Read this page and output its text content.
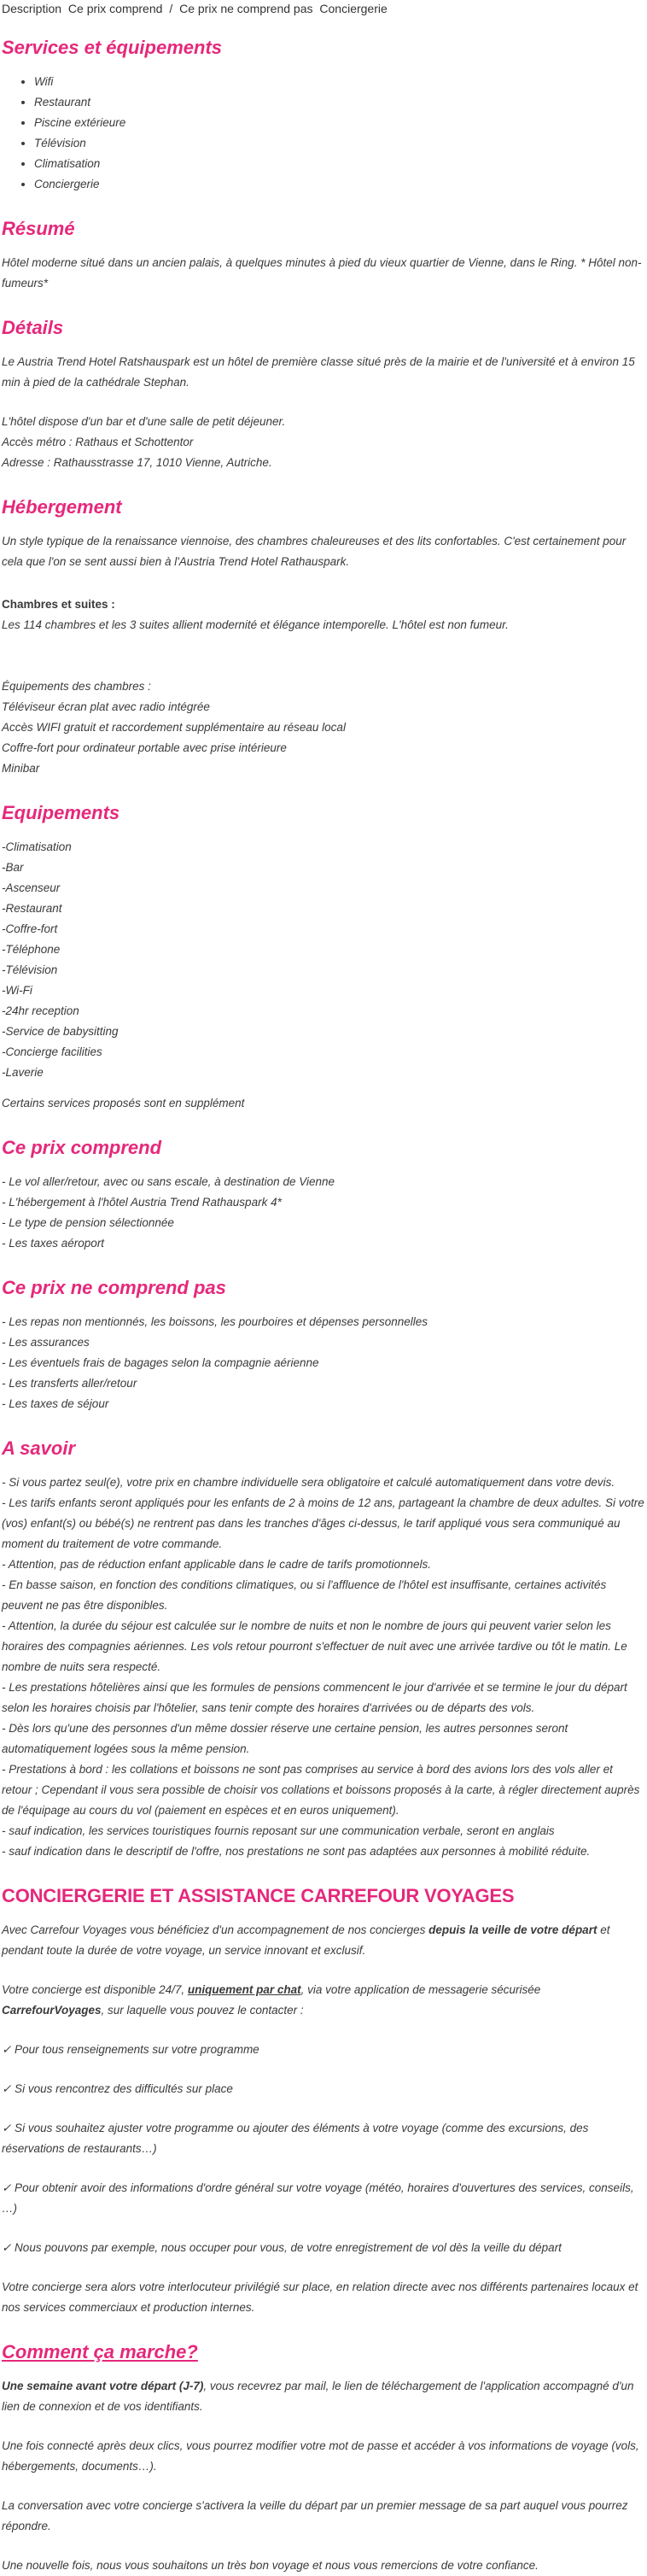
Description Ce prix comprend / Ce prix ne comprend pas Conciergerie
Services et équipements
• Wifi
• Restaurant
• Piscine extérieure
• Télévision
• Climatisation
• Conciergerie
Résumé

Hôtel moderne situé dans un ancien palais, à quelques minutes à pied du vieux quartier de Vienne, dans le Ring. * Hôtel non-fumeurs*

Détails

Le Austria Trend Hotel Ratshauspark est un hôtel de première classe situé près de la mairie et de l'université et à environ 15 min à pied de la cathédrale Stephan.

L'hôtel dispose d'un bar et d'une salle de petit déjeuner.

Accès métro : Rathaus et Schottentor

Adresse : Rathausstrasse 17, 1010 Vienne, Autriche.

Hébergement

Un style typique de la renaissance viennoise, des chambres chaleureuses et des lits confortables. C'est certainement pour cela que l'on se sent aussi bien à l'Austria Trend Hotel Rathauspark.

Chambres et suites :

Les 114 chambres et les 3 suites allient modernité et élégance intemporelle. L'hôtel est non fumeur.

Équipements des chambres :

Téléviseur écran plat avec radio intégrée

Accès WIFI gratuit et raccordement supplémentaire au réseau local

Coffre-fort pour ordinateur portable avec prise intérieure

Minibar

Equipements

-Climatisation

-Bar

-Ascenseur

-Restaurant

-Coffre-fort

-Téléphone

-Télévision

-Wi-Fi

-24hr reception

-Service de babysitting

-Concierge facilities

-Laverie

Certains services proposés sont en supplément

Ce prix comprend

- Le vol aller/retour, avec ou sans escale, à destination de Vienne

- L'hébergement à l'hôtel Austria Trend Rathauspark 4*

- Le type de pension sélectionnée

- Les taxes aéroport

Ce prix ne comprend pas

- Les repas non mentionnés, les boissons, les pourboires et dépenses personnelles

- Les assurances

- Les éventuels frais de bagages selon la compagnie aérienne

- Les transferts aller/retour

- Les taxes de séjour

A savoir

- Si vous partez seul(e), votre prix en chambre individuelle sera obligatoire et calculé automatiquement dans votre devis.

- Les tarifs enfants seront appliqués pour les enfants de 2 à moins de 12 ans, partageant la chambre de deux adultes. Si votre (vos) enfant(s) ou bébé(s) ne rentrent pas dans les tranches d'âges ci-dessus, le tarif appliqué vous sera communiqué au moment du traitement de votre commande.

- Attention, pas de réduction enfant applicable dans le cadre de tarifs promotionnels.

- En basse saison, en fonction des conditions climatiques, ou si l'affluence de l'hôtel est insuffisante, certaines activités peuvent ne pas être disponibles.

- Attention, la durée du séjour est calculée sur le nombre de nuits et non le nombre de jours qui peuvent varier selon les horaires des compagnies aériennes. Les vols retour pourront s'effectuer de nuit avec une arrivée tardive ou tôt le matin. Le nombre de nuits sera respecté.

- Les prestations hôtelières ainsi que les formules de pensions commencent le jour d'arrivée et se termine le jour du départ selon les horaires choisis par l'hôtelier, sans tenir compte des horaires d'arrivées ou de départs des vols.

- Dès lors qu'une des personnes d'un même dossier réserve une certaine pension, les autres personnes seront automatiquement logées sous la même pension.

- Prestations à bord : les collations et boissons ne sont pas comprises au service à bord des avions lors des vols aller et retour ; Cependant il vous sera possible de choisir vos collations et boissons proposés à la carte, à régler directement auprès de l'équipage au cours du vol (paiement en espèces et en euros uniquement).

- sauf indication, les services touristiques fournis reposant sur une communication verbale, seront en anglais

- sauf indication dans le descriptif de l'offre, nos prestations ne sont pas adaptées aux personnes à mobilité réduite.

CONCIERGERIE ET ASSISTANCE CARREFOUR VOYAGES

Avec Carrefour Voyages vous bénéficiez d'un accompagnement de nos concierges depuis la veille de votre départ et pendant toute la durée de votre voyage, un service innovant et exclusif.

Votre concierge est disponible 24/7, uniquement par chat, via votre application de messagerie sécurisée CarrefourVoyages, sur laquelle vous pouvez le contacter :

✓ Pour tous renseignements sur votre programme

✓ Si vous rencontrez des difficultés sur place

✓ Si vous souhaitez ajuster votre programme ou ajouter des éléments à votre voyage (comme des excursions, des réservations de restaurants…)

✓ Pour obtenir avoir des informations d'ordre général sur votre voyage (météo, horaires d'ouvertures des services, conseils, …)

✓ Nous pouvons par exemple, nous occuper pour vous, de votre enregistrement de vol dès la veille du départ

Votre concierge sera alors votre interlocuteur privilégié sur place, en relation directe avec nos différents partenaires locaux et nos services commerciaux et production internes.

Comment ça marche?

Une semaine avant votre départ (J-7), vous recevrez par mail, le lien de téléchargement de l'application accompagné d'un lien de connexion et de vos identifiants.

Une fois connecté après deux clics, vous pourrez modifier votre mot de passe et accéder à vos informations de voyage (vols, hébergements, documents…).

La conversation avec votre concierge s'activera la veille du départ par un premier message de sa part auquel vous pourrez répondre.

Une nouvelle fois, nous vous souhaitons un très bon voyage et nous vous remercions de votre confiance.
